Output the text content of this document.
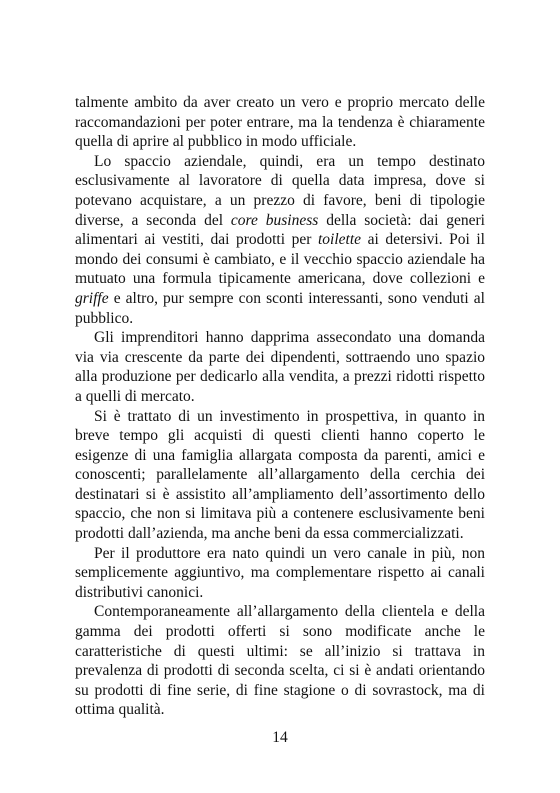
talmente ambito da aver creato un vero e proprio mercato delle raccomandazioni per poter entrare, ma la tendenza è chiaramente quella di aprire al pubblico in modo ufficiale.

Lo spaccio aziendale, quindi, era un tempo destinato esclusivamente al lavoratore di quella data impresa, dove si potevano acquistare, a un prezzo di favore, beni di tipologie diverse, a seconda del core business della società: dai generi alimentari ai vestiti, dai prodotti per toilette ai detersivi. Poi il mondo dei consumi è cambiato, e il vecchio spaccio aziendale ha mutuato una formula tipicamente americana, dove collezioni e griffe e altro, pur sempre con sconti interessanti, sono venduti al pubblico.

Gli imprenditori hanno dapprima assecondato una domanda via via crescente da parte dei dipendenti, sottraendo uno spazio alla produzione per dedicarlo alla vendita, a prezzi ridotti rispetto a quelli di mercato.

Si è trattato di un investimento in prospettiva, in quanto in breve tempo gli acquisti di questi clienti hanno coperto le esigenze di una famiglia allargata composta da parenti, amici e conoscenti; parallelamente all’allargamento della cerchia dei destinatari si è assistito all’ampliamento dell’assortimento dello spaccio, che non si limitava più a contenere esclusivamente beni prodotti dall’azienda, ma anche beni da essa commercializzati.

Per il produttore era nato quindi un vero canale in più, non semplicemente aggiuntivo, ma complementare rispetto ai canali distributivi canonici.

Contemporaneamente all’allargamento della clientela e della gamma dei prodotti offerti si sono modificate anche le caratteristiche di questi ultimi: se all’inizio si trattava in prevalenza di prodotti di seconda scelta, ci si è andati orientando su prodotti di fine serie, di fine stagione o di sovrastock, ma di ottima qualità.

14
